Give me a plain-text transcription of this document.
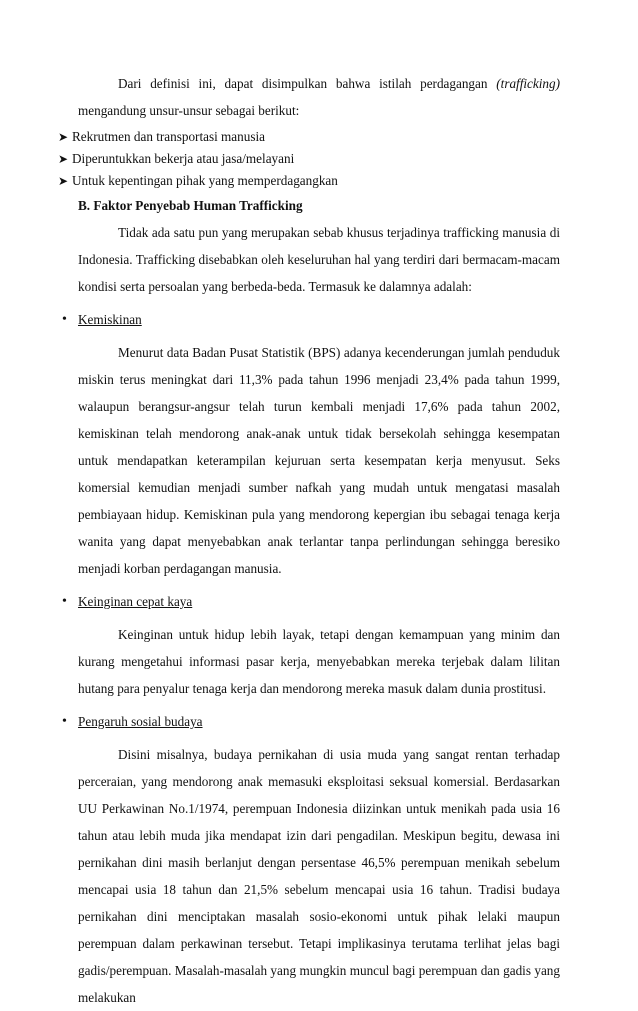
Dari definisi ini, dapat disimpulkan bahwa istilah perdagangan (trafficking) mengandung unsur-unsur sebagai berikut:

➤ Rekrutmen dan transportasi manusia
➤ Diperuntukkan bekerja atau jasa/melayani
➤ Untuk kepentingan pihak yang memperdagangkan
B. Faktor Penyebab Human Trafficking

Tidak ada satu pun yang merupakan sebab khusus terjadinya trafficking manusia di Indonesia. Trafficking disebabkan oleh keseluruhan hal yang terdiri dari bermacam-macam kondisi serta persoalan yang berbeda-beda. Termasuk ke dalamnya adalah:

• Kemiskinan

Menurut data Badan Pusat Statistik (BPS) adanya kecenderungan jumlah penduduk miskin terus meningkat dari 11,3% pada tahun 1996 menjadi 23,4% pada tahun 1999, walaupun berangsur-angsur telah turun kembali menjadi 17,6% pada tahun 2002, kemiskinan telah mendorong anak-anak untuk tidak bersekolah sehingga kesempatan untuk mendapatkan keterampilan kejuruan serta kesempatan kerja menyusut. Seks komersial kemudian menjadi sumber nafkah yang mudah untuk mengatasi masalah pembiayaan hidup. Kemiskinan pula yang mendorong kepergian ibu sebagai tenaga kerja wanita yang dapat menyebabkan anak terlantar tanpa perlindungan sehingga beresiko menjadi korban perdagangan manusia.

• Keinginan cepat kaya

Keinginan untuk hidup lebih layak, tetapi dengan kemampuan yang minim dan kurang mengetahui informasi pasar kerja, menyebabkan mereka terjebak dalam lilitan hutang para penyalur tenaga kerja dan mendorong mereka masuk dalam dunia prostitusi.

• Pengaruh sosial budaya

Disini misalnya, budaya pernikahan di usia muda yang sangat rentan terhadap perceraian, yang mendorong anak memasuki eksploitasi seksual komersial. Berdasarkan UU Perkawinan No.1/1974, perempuan Indonesia diizinkan untuk menikah pada usia 16 tahun atau lebih muda jika mendapat izin dari pengadilan. Meskipun begitu, dewasa ini pernikahan dini masih berlanjut dengan persentase 46,5% perempuan menikah sebelum mencapai usia 18 tahun dan 21,5% sebelum mencapai usia 16 tahun. Tradisi budaya pernikahan dini menciptakan masalah sosio-ekonomi untuk pihak lelaki maupun perempuan dalam perkawinan tersebut. Tetapi implikasinya terutama terlihat jelas bagi gadis/perempuan. Masalah-masalah yang mungkin muncul bagi perempuan dan gadis yang melakukan
